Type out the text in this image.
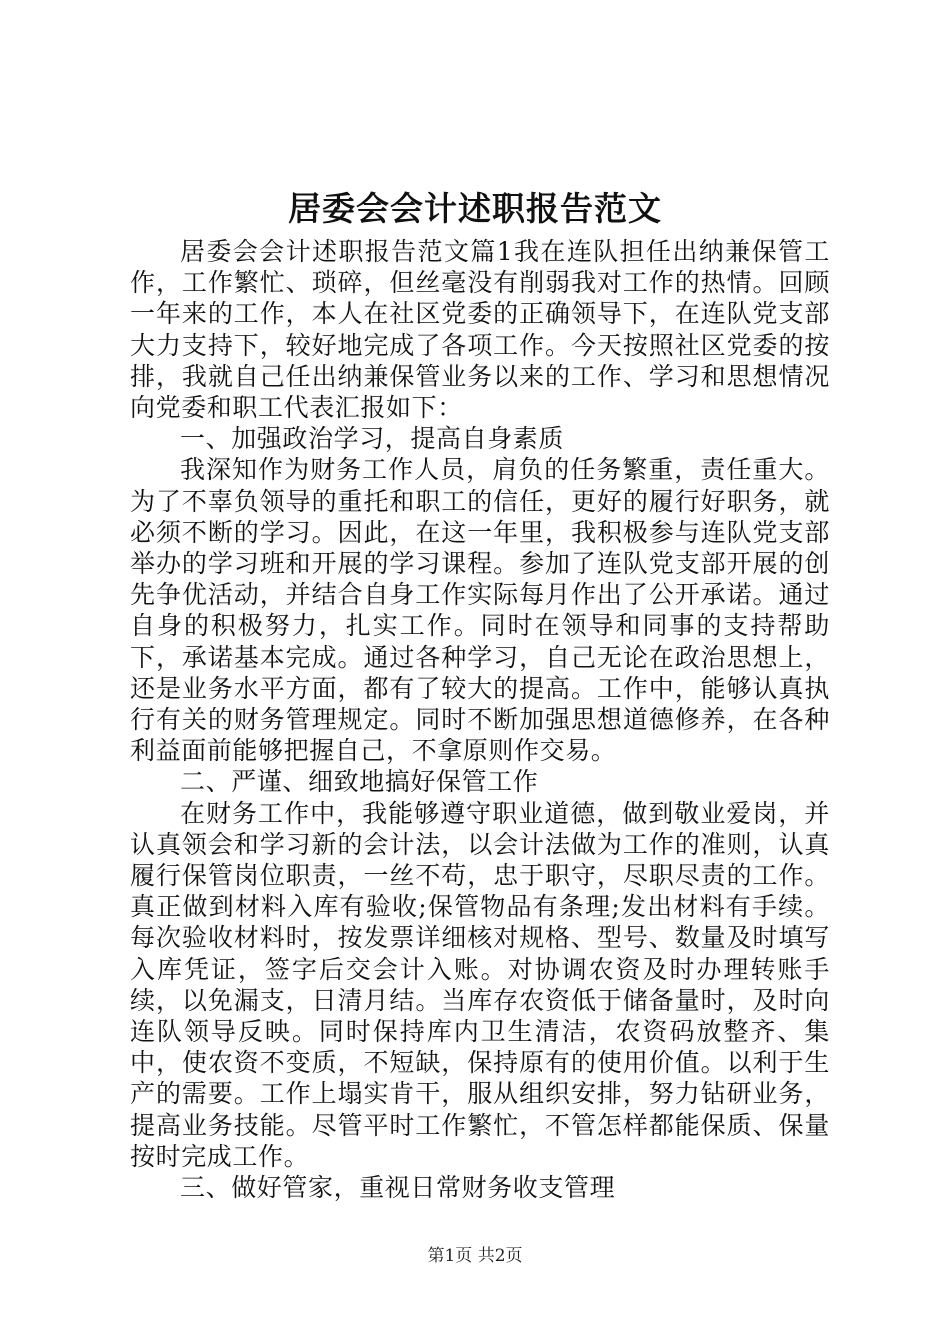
居委会会计述职报告范文

居委会会计述职报告范文篇1我在连队担任出纳兼保管工作，工作繁忙、琐碎，但丝毫没有削弱我对工作的热情。回顾一年来的工作，本人在社区党委的正确领导下，在连队党支部大力支持下，较好地完成了各项工作。今天按照社区党委的按排，我就自己任出纳兼保管业务以来的工作、学习和思想情况向党委和职工代表汇报如下：

一、加强政治学习，提高自身素质

我深知作为财务工作人员，肩负的任务繁重，责任重大。为了不辜负领导的重托和职工的信任，更好的履行好职务，就必须不断的学习。因此，在这一年里，我积极参与连队党支部举办的学习班和开展的学习课程。参加了连队党支部开展的创先争优活动，并结合自身工作实际每月作出了公开承诺。通过自身的积极努力，扎实工作。同时在领导和同事的支持帮助下，承诺基本完成。通过各种学习，自己无论在政治思想上，还是业务水平方面，都有了较大的提高。工作中，能够认真执行有关的财务管理规定。同时不断加强思想道德修养，在各种利益面前能够把握自己，不拿原则作交易。

二、严谨、细致地搞好保管工作

在财务工作中，我能够遵守职业道德，做到敬业爱岗，并认真领会和学习新的会计法，以会计法做为工作的准则，认真履行保管岗位职责，一丝不苟，忠于职守，尽职尽责的工作。真正做到材料入库有验收;保管物品有条理;发出材料有手续。每次验收材料时，按发票详细核对规格、型号、数量及时填写入库凭证，签字后交会计入账。对协调农资及时办理转账手续，以免漏支，日清月结。当库存农资低于储备量时，及时向连队领导反映。同时保持库内卫生清洁，农资码放整齐、集中，使农资不变质，不短缺，保持原有的使用价值。以利于生产的需要。工作上塌实肯干，服从组织安排，努力钻研业务，提高业务技能。尽管平时工作繁忙，不管怎样都能保质、保量按时完成工作。

三、做好管家，重视日常财务收支管理

第1页 共2页
